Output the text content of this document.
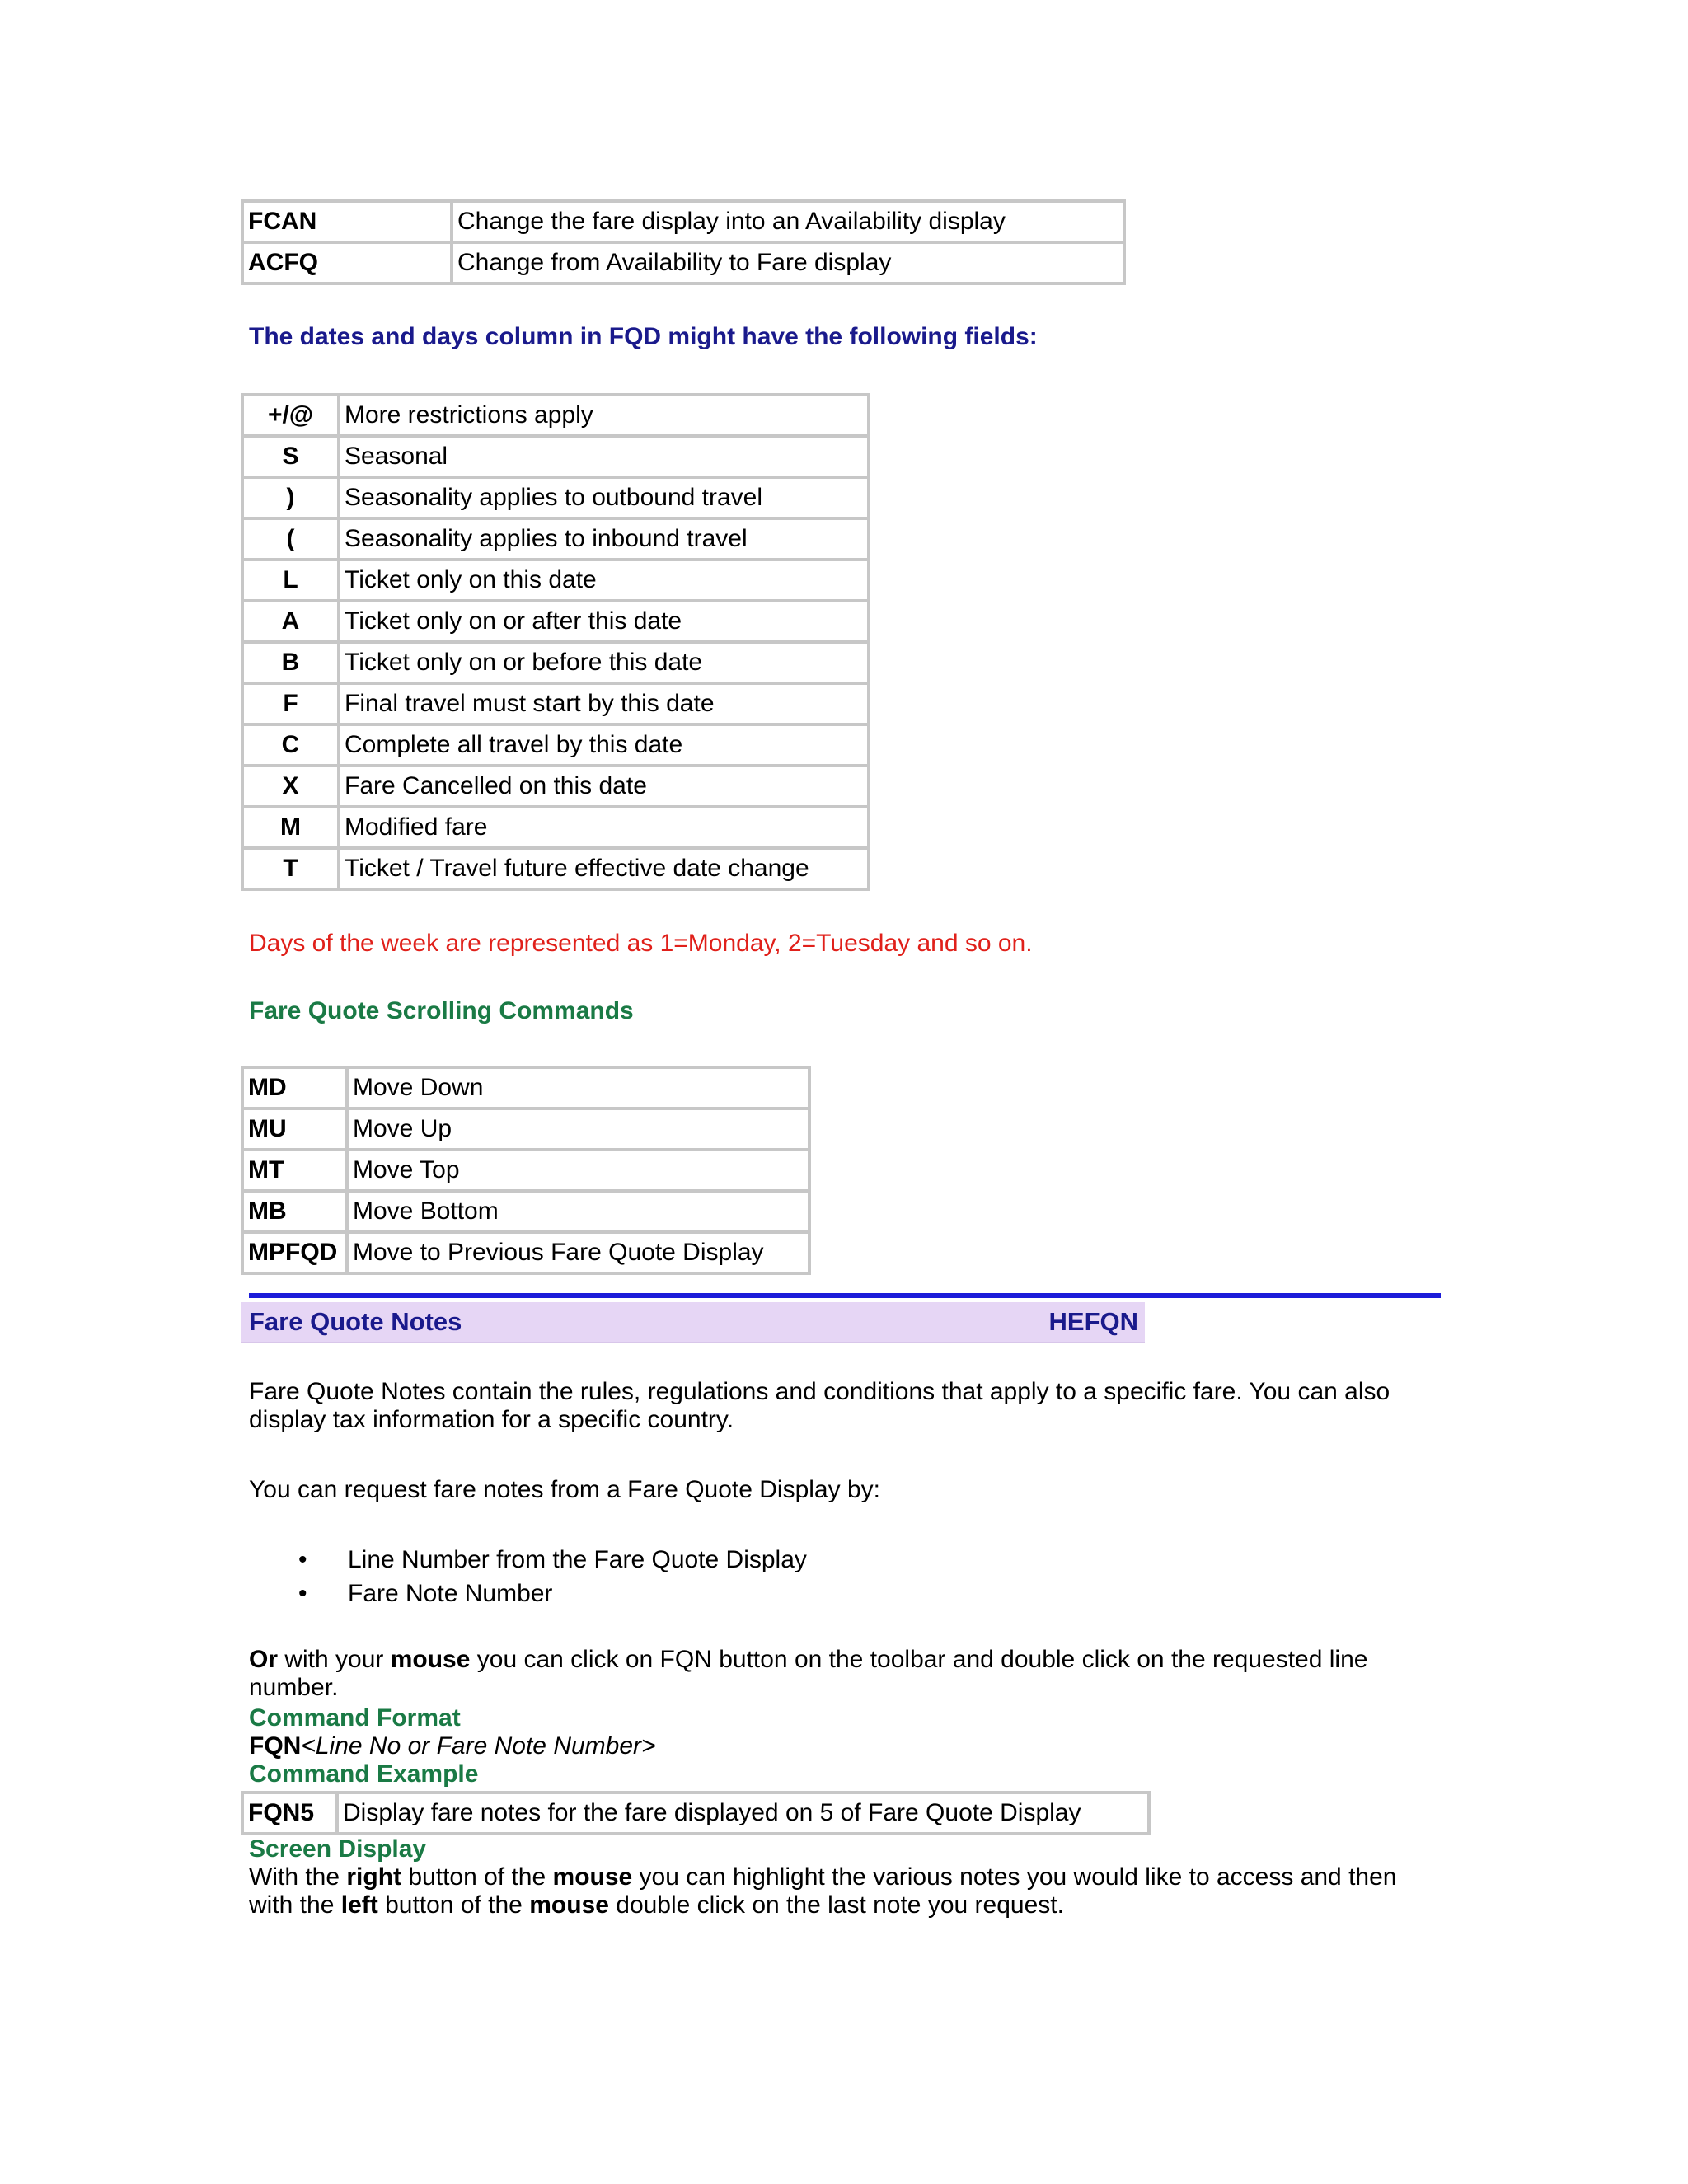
FCAN	Change the fare display into an Availability display
ACFQ	Change from Availability to Fare display
The dates and days column in FQD might have the following fields:
+/@	More restrictions apply
S	Seasonal
)	Seasonality applies to outbound travel
(	Seasonality applies to inbound travel
L	Ticket only on this date
A	Ticket only on or after this date
B	Ticket only on or before this date
F	Final travel must start by this date
C	Complete all travel by this date
X	Fare Cancelled on this date
M	Modified fare
T	Ticket / Travel future effective date change
Days of the week are represented as 1=Monday, 2=Tuesday and so on.
Fare Quote Scrolling Commands
MD	Move Down
MU	Move Up
MT	Move Top
MB	Move Bottom
MPFQD	Move to Previous Fare Quote Display
Fare Quote Notes	HEFQN
Fare Quote Notes contain the rules, regulations and conditions that apply to a specific fare. You can also display tax information for a specific country.
You can request fare notes from a Fare Quote Display by:
• Line Number from the Fare Quote Display
• Fare Note Number
Or with your mouse you can click on FQN button on the toolbar and double click on the requested line number.
Command Format
FQN<Line No or Fare Note Number>
Command Example
FQN5	Display fare notes for the fare displayed on 5 of Fare Quote Display
Screen Display
With the right button of the mouse you can highlight the various notes you would like to access and then with the left button of the mouse double click on the last note you request.
